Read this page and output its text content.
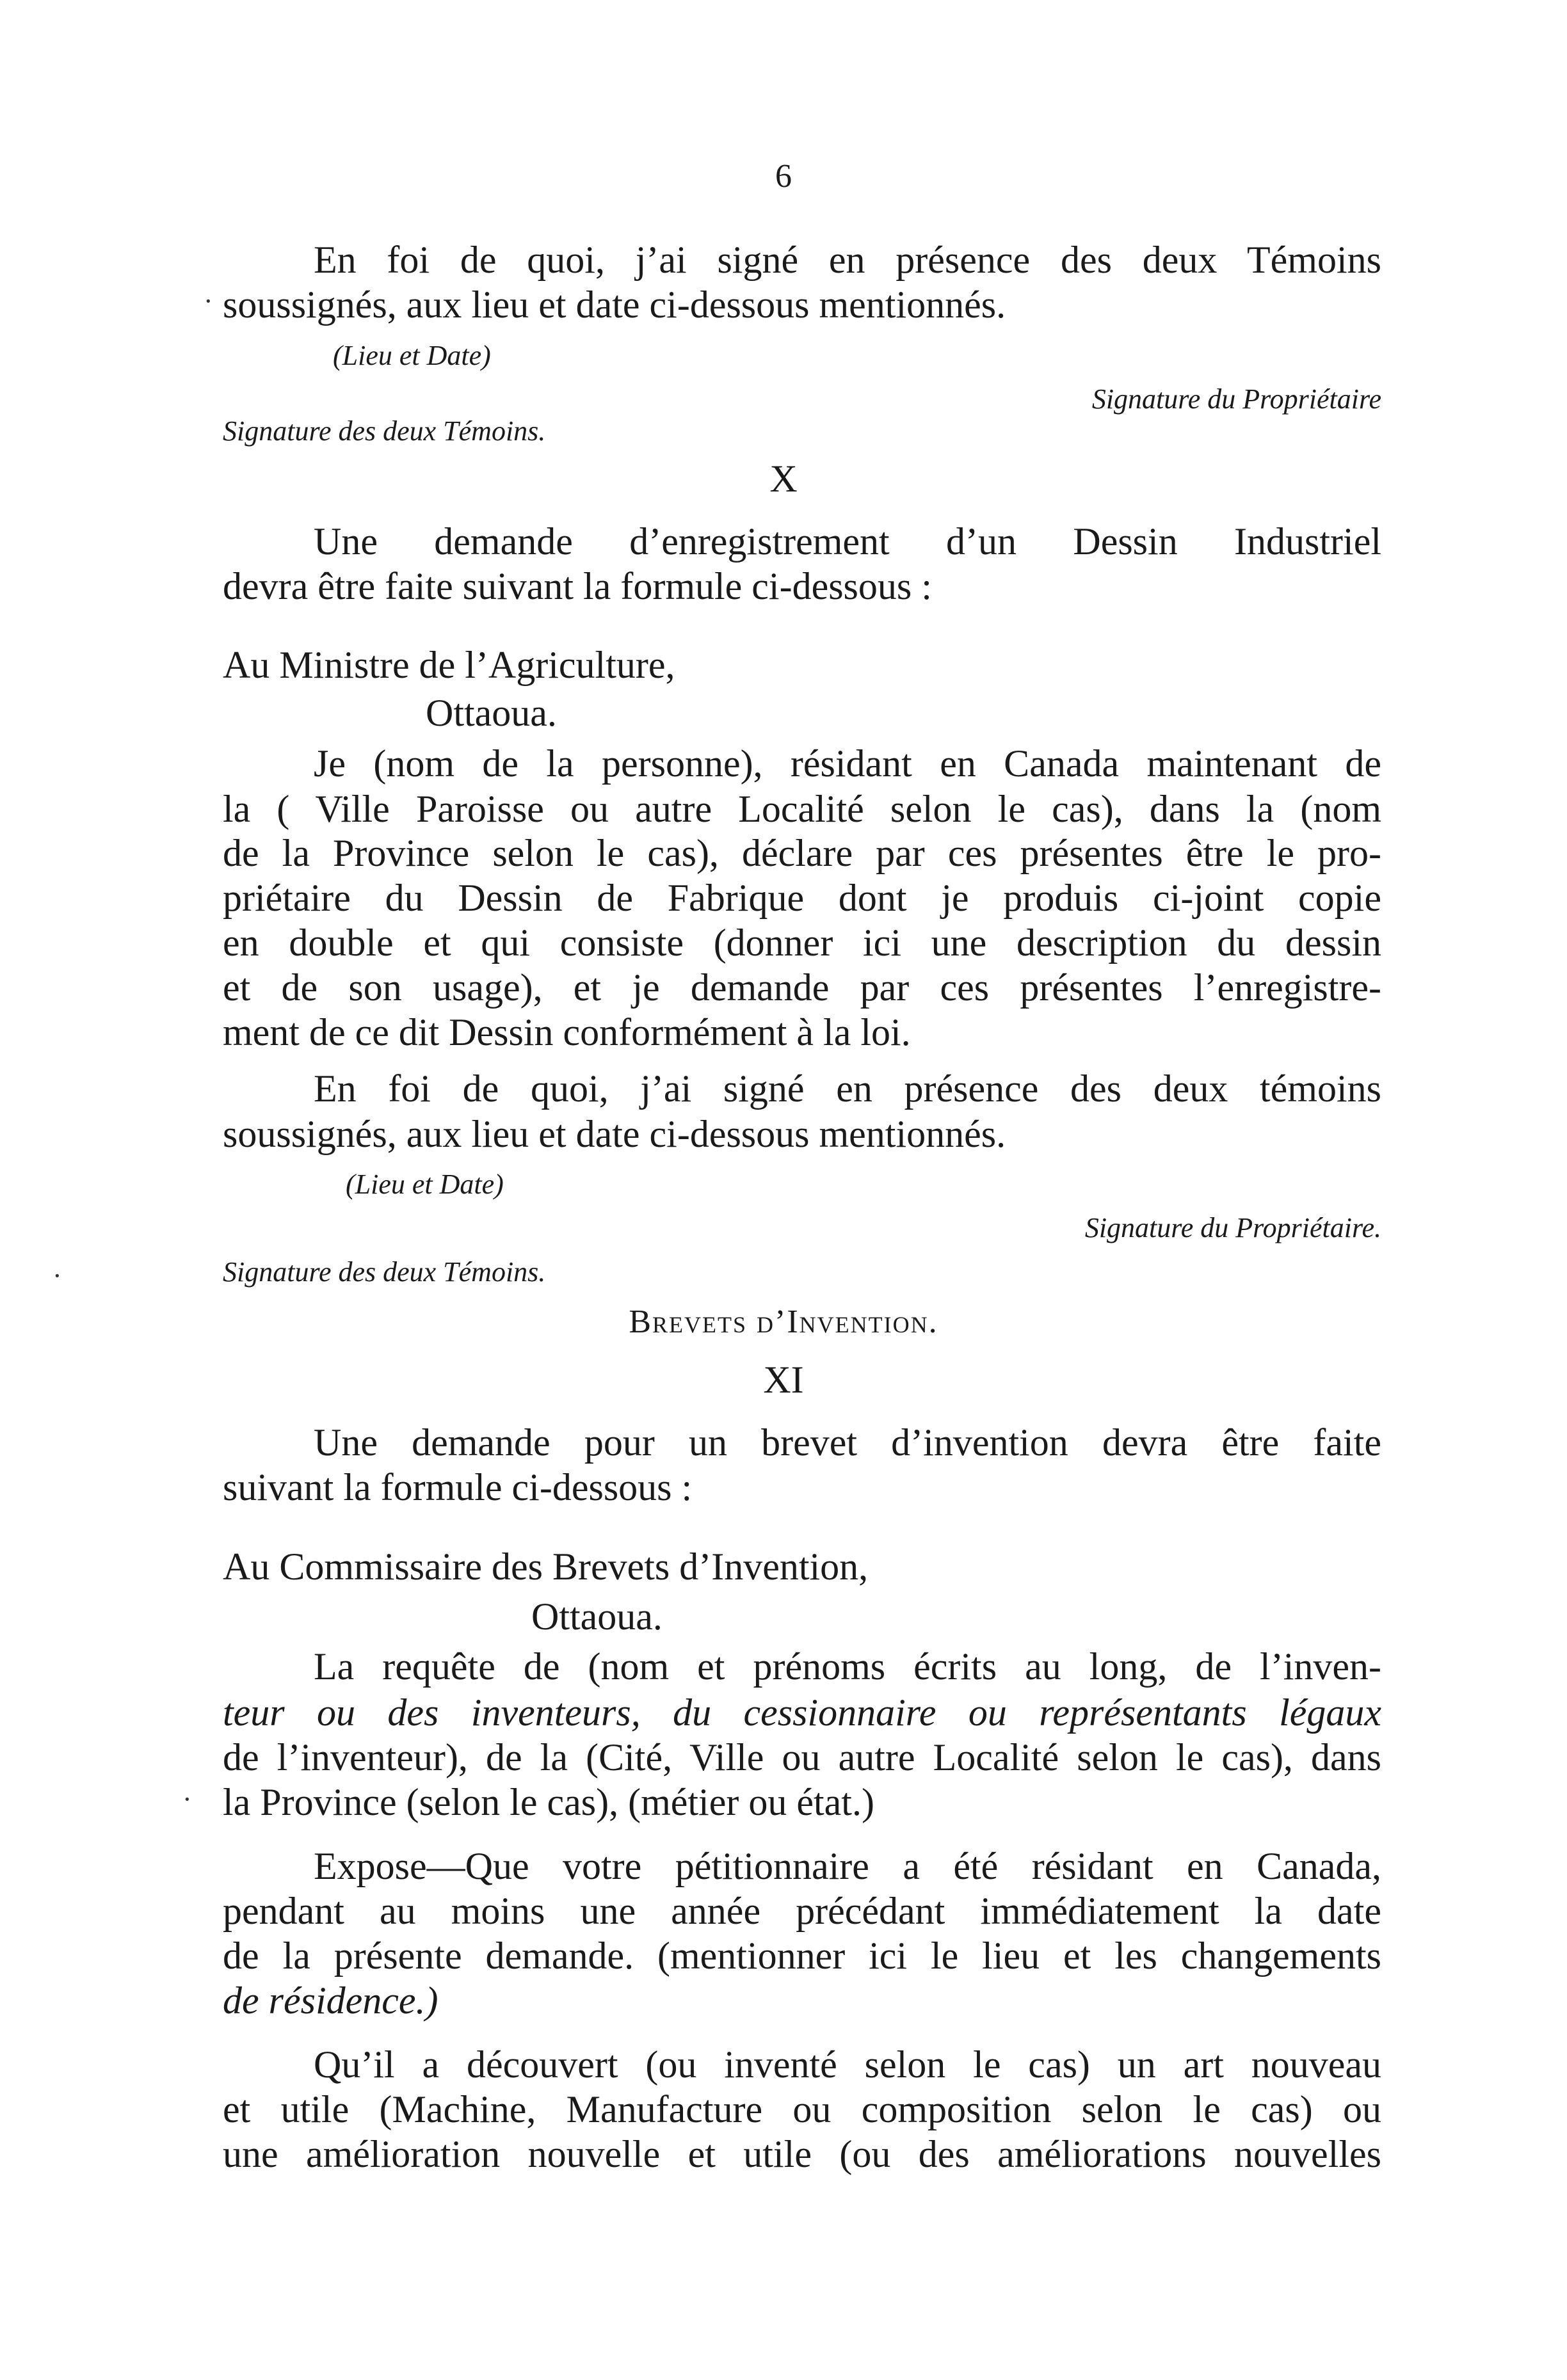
6
En foi de quoi, j’ai signé en présence des deux Témoins
soussignés, aux lieu et date ci-dessous mentionnés.
(Lieu et Date)
Signature du Propriétaire
Signature des deux Témoins.
X
Une demande d’enregistrement d’un Dessin Industriel
devra être faite suivant la formule ci-dessous :
Au Ministre de l’Agriculture,
Ottaoua.
Je (nom de la personne), résidant en Canada maintenant de
la ( Ville Paroisse ou autre Localité selon le cas), dans la (nom
de la Province selon le cas), déclare par ces présentes être le pro-
priétaire du Dessin de Fabrique dont je produis ci-joint copie
en double et qui consiste (donner ici une description du dessin
et de son usage), et je demande par ces présentes l’enregistre-
ment de ce dit Dessin conformément à la loi.
En foi de quoi, j’ai signé en présence des deux témoins
soussignés, aux lieu et date ci-dessous mentionnés.
(Lieu et Date)
Signature du Propriétaire.
Signature des deux Témoins.
Brevets d’Invention.
XI
Une demande pour un brevet d’invention devra être faite
suivant la formule ci-dessous :
Au Commissaire des Brevets d’Invention,
Ottaoua.
La requête de (nom et prénoms écrits au long, de l’inven-
teur ou des inventeurs, du cessionnaire ou représentants légaux
de l’inventeur), de la (Cité, Ville ou autre Localité selon le cas), dans
la Province (selon le cas), (métier ou état.)
Expose—Que votre pétitionnaire a été résidant en Canada,
pendant au moins une année précédant immédiatement la date
de la présente demande. (mentionner ici le lieu et les changements
de résidence.)
Qu’il a découvert (ou inventé selon le cas) un art nouveau
et utile (Machine, Manufacture ou composition selon le cas) ou
une amélioration nouvelle et utile (ou des améliorations nouvelles
·
·
·
